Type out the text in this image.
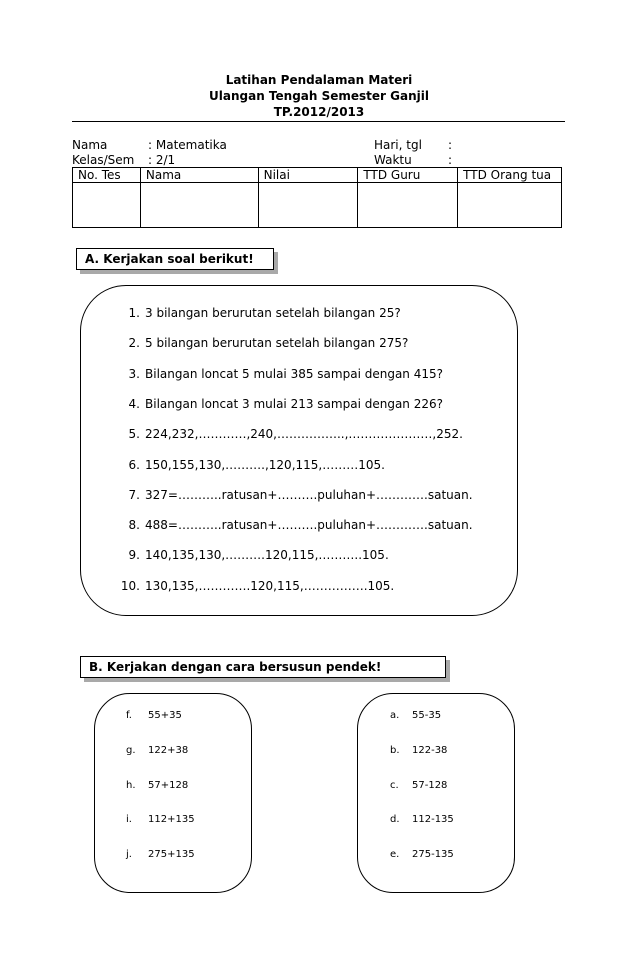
Latihan Pendalaman Materi
Ulangan Tengah Semester Ganjil
TP.2012/2013
Nama	: Matematika	Hari, tgl :
Kelas/Sem : 2/1	Waktu	:
No. Tes	Nama	Nilai	TTD Guru	TTD Orang tua

A. Kerjakan soal berikut!
1. 3 bilangan berurutan setelah bilangan 25?
2. 5 bilangan berurutan setelah bilangan 275?
3. Bilangan loncat 5 mulai 385 sampai dengan 415?
4. Bilangan loncat 3 mulai 213 sampai dengan 226?
5. 224,232,…………,240,……………..,…………………,252.
6. 150,155,130,……….,120,115,………105.
7. 327=………..ratusan+……….puluhan+………….satuan.
8. 488=………..ratusan+……….puluhan+………….satuan.
9. 140,135,130,……….120,115,………..105.
10. 130,135,………….120,115,…………….105.
B. Kerjakan dengan cara bersusun pendek!
f. 55+35
g. 122+38
h. 57+128
i. 112+135
j. 275+135
a. 55-35
b. 122-38
c. 57-128
d. 112-135
e. 275-135
